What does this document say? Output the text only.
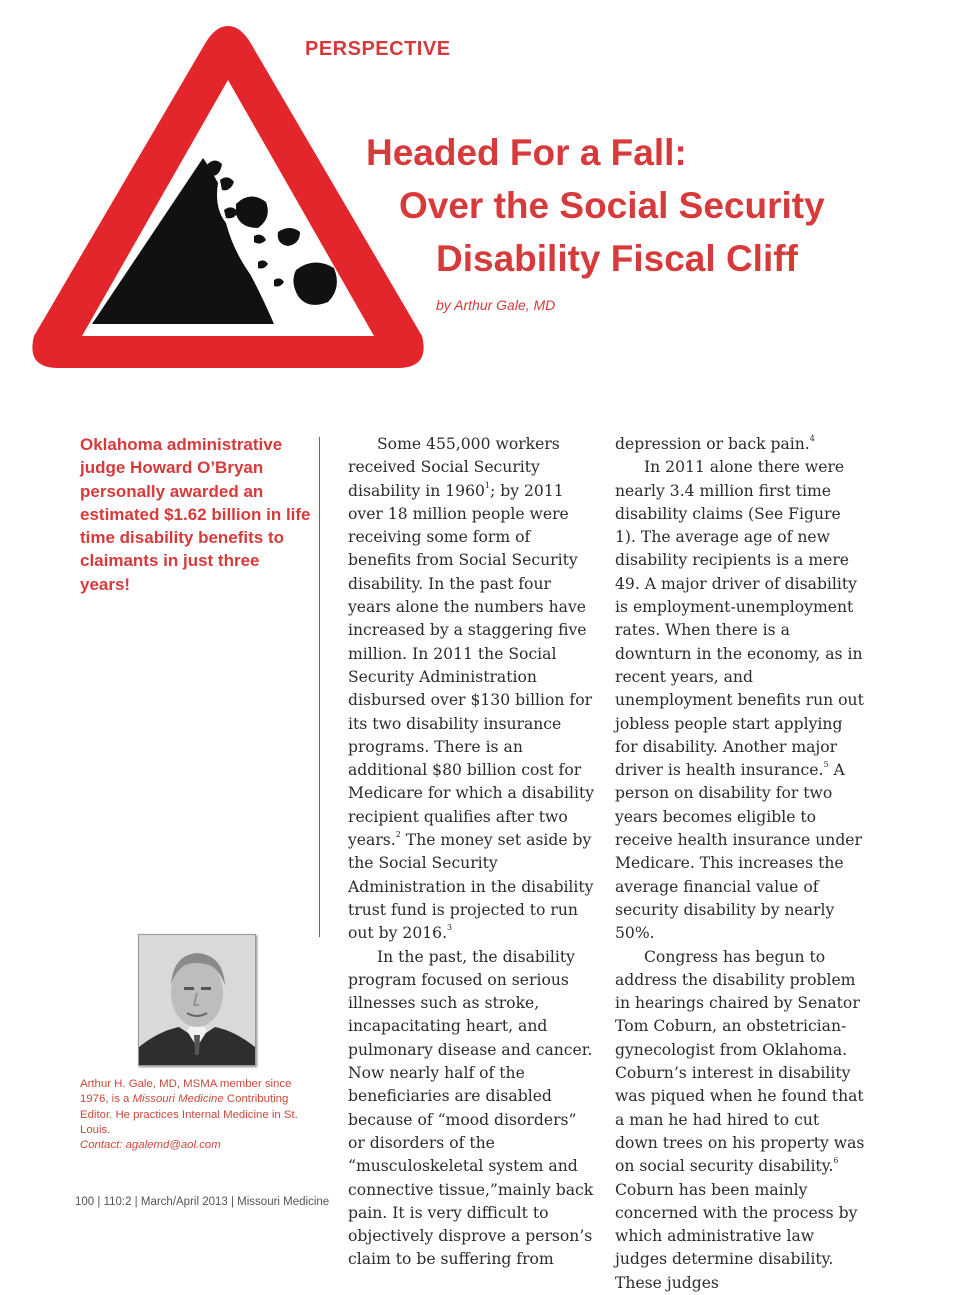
PERSPECTIVE
Headed For a Fall:
Over the Social Security
Disability Fiscal Cliff
by Arthur Gale, MD
Oklahoma administrative judge Howard O’Bryan personally awarded an estimated $1.62 billion in life time disability benefits to claimants in just three years!

Some 455,000 workers received Social Security disability in 1960$^1$; by 2011 over 18 million people were receiving some form of benefits from Social Security disability. In the past four years alone the numbers have increased by a staggering five million. In 2011 the Social Security Administration disbursed over $130 billion for its two disability insurance programs. There is an additional $80 billion cost for Medicare for which a disability recipient qualifies after two years.$^2$ The money set aside by the Social Security Administration in the disability trust fund is projected to run out by 2016.$^3$

In the past, the disability program focused on serious illnesses such as stroke, incapacitating heart, and pulmonary disease and cancer. Now nearly half of the beneficiaries are disabled because of “mood disorders” or disorders of the “musculoskeletal system and connective tissue,”mainly back pain. It is very difficult to objectively disprove a person’s claim to be suffering from

depression or back pain.$^4$

In 2011 alone there were nearly 3.4 million first time disability claims (See Figure 1). The average age of new disability recipients is a mere 49. A major driver of disability is employment-unemployment rates. When there is a downturn in the economy, as in recent years, and unemployment benefits run out jobless people start applying for disability. Another major driver is health insurance.$^5$ A person on disability for two years becomes eligible to receive health insurance under Medicare. This increases the average financial value of security disability by nearly 50%.

Congress has begun to address the disability problem in hearings chaired by Senator Tom Coburn, an obstetrician-gynecologist from Oklahoma. Coburn’s interest in disability was piqued when he found that a man he had hired to cut down trees on his property was on social security disability.$^6$ Coburn has been mainly concerned with the process by which administrative law judges determine disability. These judges

Arthur H. Gale, MD, MSMA member since 1976, is a Missouri Medicine Contributing Editor. He practices Internal Medicine in St. Louis.
Contact: agalemd@aol.com
100 | 110:2 | March/April 2013 | Missouri Medicine
